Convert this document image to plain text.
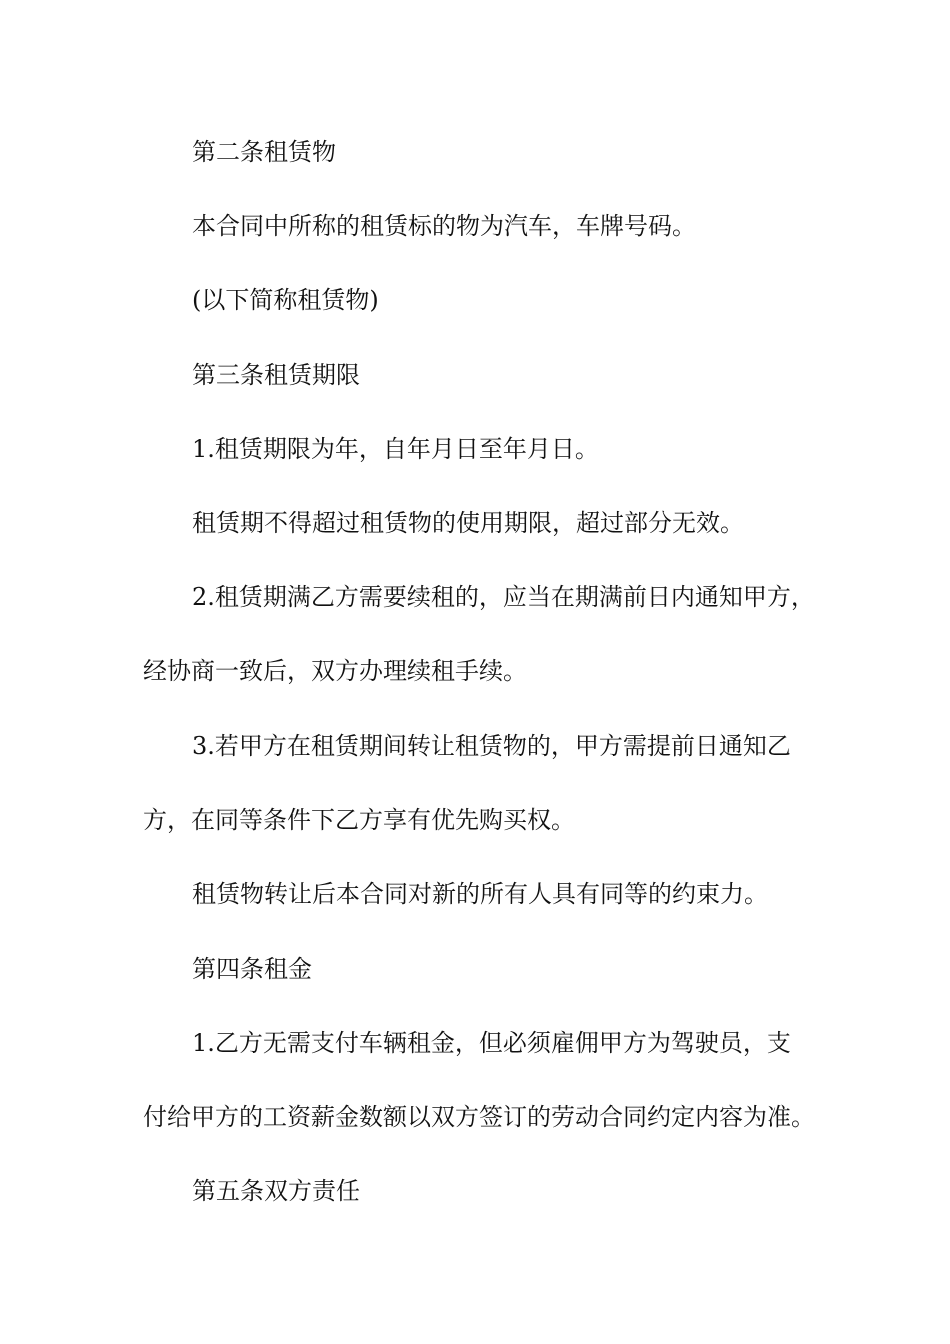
第二条租赁物
本合同中所称的租赁标的物为汽车，车牌号码。
(以下简称租赁物)
第三条租赁期限
1.租赁期限为年，自年月日至年月日。
租赁期不得超过租赁物的使用期限，超过部分无效。
2.租赁期满乙方需要续租的，应当在期满前日内通知甲方，
经协商一致后，双方办理续租手续。
3.若甲方在租赁期间转让租赁物的，甲方需提前日通知乙
方，在同等条件下乙方享有优先购买权。
租赁物转让后本合同对新的所有人具有同等的约束力。
第四条租金
1.乙方无需支付车辆租金，但必须雇佣甲方为驾驶员，支
付给甲方的工资薪金数额以双方签订的劳动合同约定内容为准。
第五条双方责任
